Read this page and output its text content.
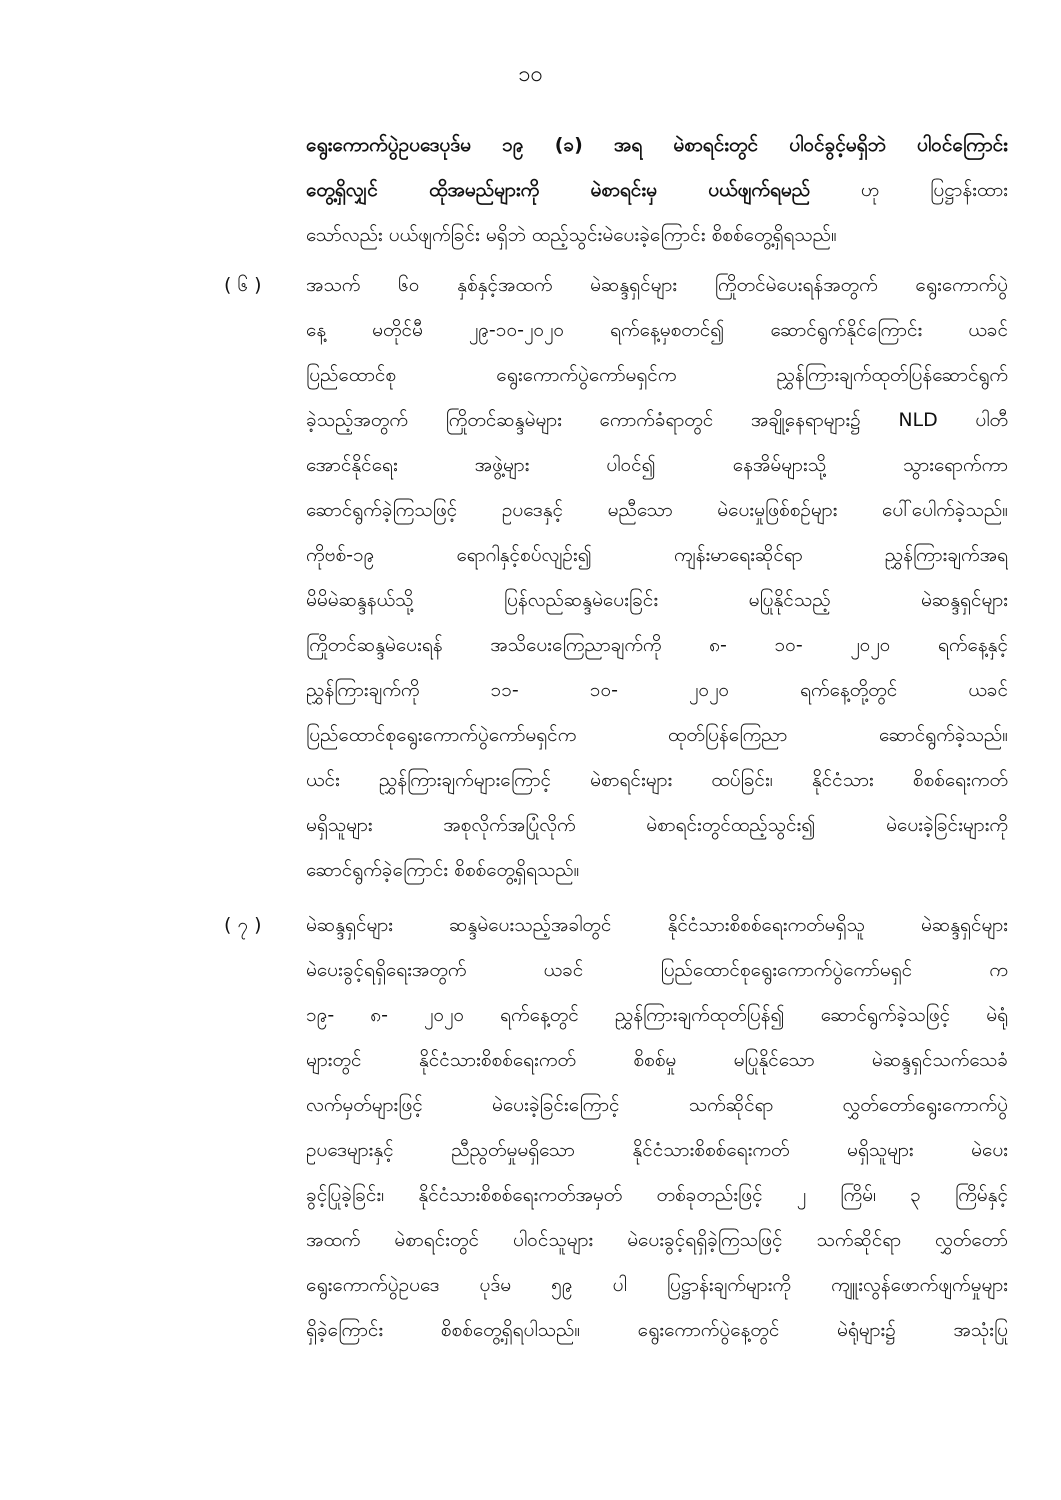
၁၀
ရွေးကောက်ပွဲဥပဒေပုဒ်မ ၁၉ (ခ) အရ မဲစာရင်းတွင် ပါဝင်ခွင့်မရှိဘဲ ပါဝင်ကြောင်း
တွေ့ရှိလျှင် ထိုအမည်များကို မဲစာရင်းမှ ပယ်ဖျက်ရမည် ဟု ပြဋ္ဌာန်းထား
သော်လည်း ပယ်ဖျက်ခြင်း မရှိဘဲ ထည့်သွင်းမဲပေးခဲ့ကြောင်း စိစစ်တွေ့ရှိရသည်။
( ၆ )	အသက် ၆၀ နှစ်နှင့်အထက် မဲဆန္ဒရှင်များ ကြိုတင်မဲပေးရန်အတွက် ရွေးကောက်ပွဲ
နေ့ မတိုင်မီ ၂၉-၁၀-၂၀၂၀ ရက်နေ့မှစတင်၍ ဆောင်ရွက်နိုင်ကြောင်း ယခင်
ပြည်ထောင်စု ရွေးကောက်ပွဲကော်မရှင်က ညွှန်ကြားချက်ထုတ်ပြန်ဆောင်ရွက်
ခဲ့သည့်အတွက် ကြိုတင်ဆန္ဒမဲများ ကောက်ခံရာတွင် အချို့နေရာများ၌ NLD ပါတီ
အောင်နိုင်ရေး အဖွဲ့များ ပါဝင်၍ နေအိမ်များသို့ သွားရောက်ကာ
ဆောင်ရွက်ခဲ့ကြသဖြင့် ဥပဒေနှင့် မညီသော မဲပေးမှုဖြစ်စဉ်များ ပေါ်ပေါက်ခဲ့သည်။
ကိုဗစ်-၁၉ ရောဂါနှင့်စပ်လျဉ်း၍ ကျန်းမာရေးဆိုင်ရာ ညွှန်ကြားချက်အရ
မိမိမဲဆန္ဒနယ်သို့ ပြန်လည်ဆန္ဒမဲပေးခြင်း မပြုနိုင်သည့် မဲဆန္ဒရှင်များ
ကြိုတင်ဆန္ဒမဲပေးရန် အသိပေးကြေညာချက်ကို ၈- ၁၀- ၂၀၂၀ ရက်နေ့နှင့်
ညွှန်ကြားချက်ကို ၁၁- ၁၀- ၂၀၂၀ ရက်နေ့တို့တွင် ယခင်
ပြည်ထောင်စုရွေးကောက်ပွဲကော်မရှင်က ထုတ်ပြန်ကြေညာ ဆောင်ရွက်ခဲ့သည်။
ယင်း ညွှန်ကြားချက်များကြောင့် မဲစာရင်းများ ထပ်ခြင်း၊ နိုင်ငံသား စိစစ်ရေးကတ်
မရှိသူများ အစုလိုက်အပြုံလိုက် မဲစာရင်းတွင်ထည့်သွင်း၍ မဲပေးခဲ့ခြင်းများကို
ဆောင်ရွက်ခဲ့ကြောင်း စိစစ်တွေ့ရှိရသည်။
( ၇ )	မဲဆန္ဒရှင်များ ဆန္ဒမဲပေးသည့်အခါတွင် နိုင်ငံသားစိစစ်ရေးကတ်မရှိသူ မဲဆန္ဒရှင်များ
မဲပေးခွင့်ရရှိရေးအတွက် ယခင် ပြည်ထောင်စုရွေးကောက်ပွဲကော်မရှင် က
၁၉- ၈- ၂၀၂၀ ရက်နေ့တွင် ညွှန်ကြားချက်ထုတ်ပြန်၍ ဆောင်ရွက်ခဲ့သဖြင့် မဲရုံ
များတွင် နိုင်ငံသားစိစစ်ရေးကတ် စိစစ်မှု မပြုနိုင်သော မဲဆန္ဒရှင်သက်သေခံ
လက်မှတ်များဖြင့် မဲပေးခဲ့ခြင်းကြောင့် သက်ဆိုင်ရာ လွှတ်တော်ရွေးကောက်ပွဲ
ဥပဒေများနှင့် ညီညွတ်မှုမရှိသော နိုင်ငံသားစိစစ်ရေးကတ် မရှိသူများ မဲပေး
ခွင့်ပြုခဲ့ခြင်း၊ နိုင်ငံသားစိစစ်ရေးကတ်အမှတ် တစ်ခုတည်းဖြင့် ၂ ကြိမ်၊ ၃ ကြိမ်နှင့်
အထက် မဲစာရင်းတွင် ပါဝင်သူများ မဲပေးခွင့်ရရှိခဲ့ကြသဖြင့် သက်ဆိုင်ရာ လွှတ်တော်
ရွေးကောက်ပွဲဥပဒေ ပုဒ်မ ၅၉ ပါ ပြဋ္ဌာန်းချက်များကို ကျူးလွန်ဖောက်ဖျက်မှုများ
ရှိခဲ့ကြောင်း စိစစ်တွေ့ရှိရပါသည်။ ရွေးကောက်ပွဲနေ့တွင် မဲရုံများ၌ အသုံးပြု
